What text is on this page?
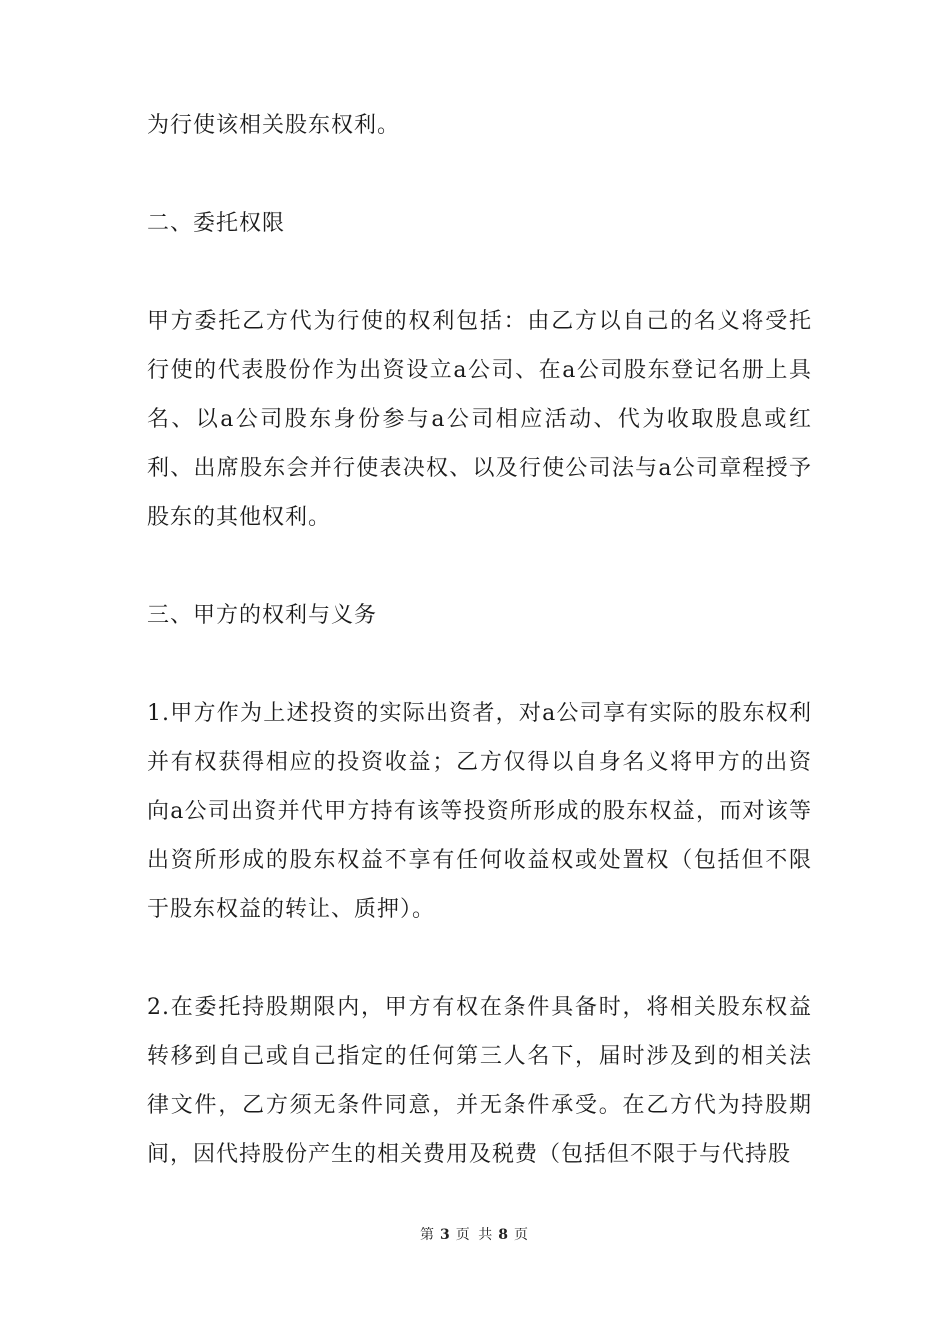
为行使该相关股东权利。

二、委托权限

甲方委托乙方代为行使的权利包括：由乙方以自己的名义将受托行使的代表股份作为出资设立a公司、在a公司股东登记名册上具名、以a公司股东身份参与a公司相应活动、代为收取股息或红利、出席股东会并行使表决权、以及行使公司法与a公司章程授予股东的其他权利。

三、甲方的权利与义务

1.甲方作为上述投资的实际出资者，对a公司享有实际的股东权利并有权获得相应的投资收益；乙方仅得以自身名义将甲方的出资向a公司出资并代甲方持有该等投资所形成的股东权益，而对该等出资所形成的股东权益不享有任何收益权或处置权（包括但不限于股东权益的转让、质押）。

2.在委托持股期限内，甲方有权在条件具备时，将相关股东权益转移到自己或自己指定的任何第三人名下，届时涉及到的相关法律文件，乙方须无条件同意，并无条件承受。在乙方代为持股期间，因代持股份产生的相关费用及税费（包括但不限于与代持股

第 3 页 共 8 页
